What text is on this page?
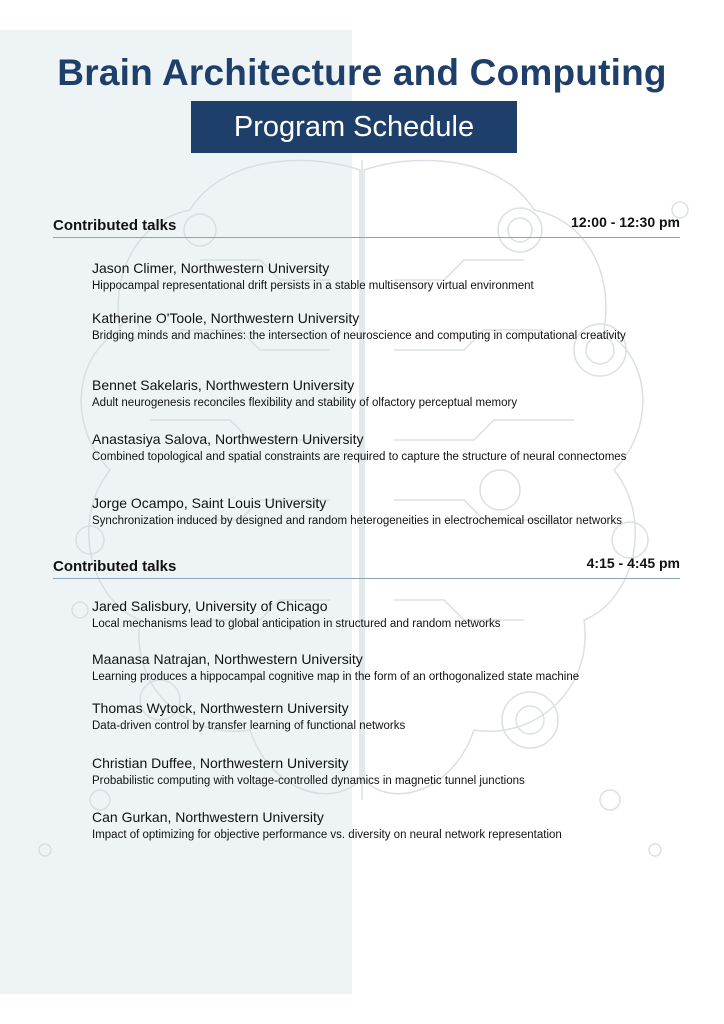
Brain Architecture and Computing
Program Schedule
Contributed talks	12:00 - 12:30 pm
Jason Climer, Northwestern University
Hippocampal representational drift persists in a stable multisensory virtual environment
Katherine O'Toole, Northwestern University
Bridging minds and machines: the intersection of neuroscience and computing in computational creativity
Bennet Sakelaris, Northwestern University
Adult neurogenesis reconciles flexibility and stability of olfactory perceptual memory
Anastasiya Salova, Northwestern University
Combined topological and spatial constraints are required to capture the structure of neural connectomes
Jorge Ocampo, Saint Louis University
Synchronization induced by designed and random heterogeneities in electrochemical oscillator networks
Contributed talks	4:15 - 4:45 pm
Jared Salisbury, University of Chicago
Local mechanisms lead to global anticipation in structured and random networks
Maanasa Natrajan, Northwestern University
Learning produces a hippocampal cognitive map in the form of an orthogonalized state machine
Thomas Wytock, Northwestern University
Data-driven control by transfer learning of functional networks
Christian Duffee, Northwestern University
Probabilistic computing with voltage-controlled dynamics in magnetic tunnel junctions
Can Gurkan, Northwestern University
Impact of optimizing for objective performance vs. diversity on neural network representation
